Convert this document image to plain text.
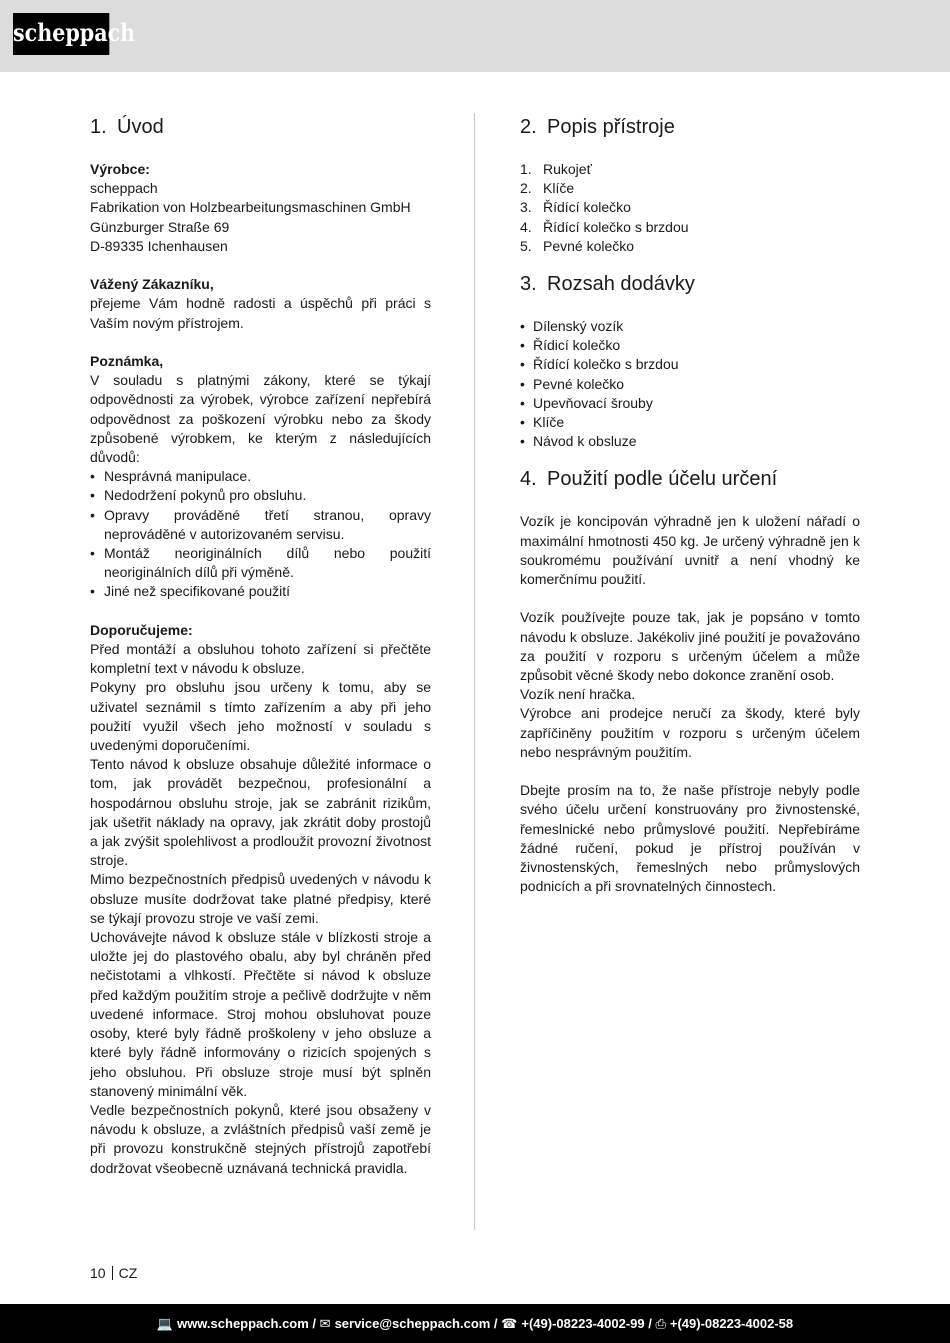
scheppach
1. Úvod
Výrobce:
scheppach
Fabrikation von Holzbearbeitungsmaschinen GmbH
Günzburger Straße 69
D-89335 Ichenhausen
Vážený Zákazníku,
přejeme Vám hodně radosti a úspěchů při práci s Vaším novým přístrojem.
Poznámka,
V souladu s platnými zákony, které se týkají odpovědnosti za výrobek, výrobce zařízení nepřebírá odpovědnost za poškození výrobku nebo za škody způsobené výrobkem, ke kterým z následujících důvodů:
• Nesprávná manipulace.
• Nedodržení pokynů pro obsluhu.
• Opravy prováděné třetí stranou, opravy neprováděné v autorizovaném servisu.
• Montáž neoriginálních dílů nebo použití neoriginálních dílů při výměně.
• Jiné než specifikované použití
Doporučujeme:
Před montáží a obsluhou tohoto zařízení si přečtěte kompletní text v návodu k obsluze.
Pokyny pro obsluhu jsou určeny k tomu, aby se uživatel seznámil s tímto zařízením a aby při jeho použití využil všech jeho možností v souladu s uvedenými doporučeními.
Tento návod k obsluze obsahuje důležité informace o tom, jak provádět bezpečnou, profesionální a hospodárnou obsluhu stroje, jak se zabránit rizikům, jak ušetřit náklady na opravy, jak zkrátit doby prostojů a jak zvýšit spolehlivost a prodloužit provozní životnost stroje.
Mimo bezpečnostních předpisů uvedených v návodu k obsluze musíte dodržovat take platné předpisy, které se týkají provozu stroje ve vaší zemi.
Uchovávejte návod k obsluze stále v blízkosti stroje a uložte jej do plastového obalu, aby byl chráněn před nečistotami a vlhkostí. Přečtěte si návod k obsluze před každým použitím stroje a pečlivě dodržujte v něm uvedené informace. Stroj mohou obsluhovat pouze osoby, které byly řádně proškoleny v jeho obsluze a které byly řádně informovány o rizicích spojených s jeho obsluhou. Při obsluze stroje musí být splněn stanovený minimální věk.
Vedle bezpečnostních pokynů, které jsou obsaženy v návodu k obsluze, a zvláštních předpisů vaší země je při provozu konstrukčně stejných přístrojů zapotřebí dodržovat všeobecně uznávaná technická pravidla.
2. Popis přístroje
1. Rukojeť
2. Klíče
3. Řídící kolečko
4. Řídící kolečko s brzdou
5. Pevné kolečko
3. Rozsah dodávky
• Dílenský vozík
• Řídicí kolečko
• Řídící kolečko s brzdou
• Pevné kolečko
• Upevňovací šrouby
• Klíče
• Návod k obsluze
4. Použití podle účelu určení
Vozík je koncipován výhradně jen k uložení nářadí o maximální hmotnosti 450 kg. Je určený výhradně jen k soukromému používání uvnitř a není vhodný ke komerčnímu použití.
Vozík používejte pouze tak, jak je popsáno v tomto návodu k obsluze. Jakékoliv jiné použití je považováno za použití v rozporu s určeným účelem a může způsobit věcné škody nebo dokonce zranění osob.
Vozík není hračka.
Výrobce ani prodejce neručí za škody, které byly zapříčiněny použitím v rozporu s určeným účelem nebo nesprávným použitím.
Dbejte prosím na to, že naše přístroje nebyly podle svého účelu určení konstruovány pro živnostenské, řemeslnické nebo průmyslové použití. Nepřebíráme žádné ručení, pokud je přístroj používán v živnostenských, řemeslných nebo průmyslových podnicích a při srovnatelných činnostech.
10 CZ
💻 www.scheppach.com / ✉ service@scheppach.com / ☎ +(49)-08223-4002-99 / ⎙ +(49)-08223-4002-58
